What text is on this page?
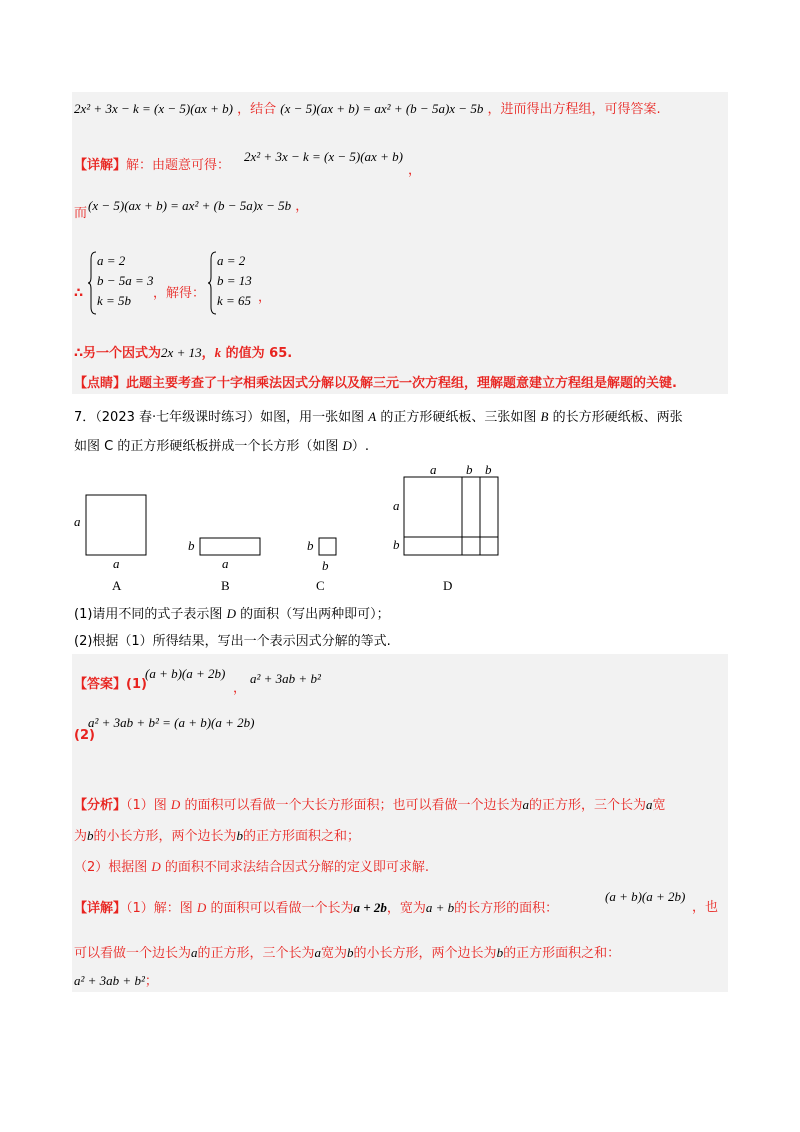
2x² + 3x − k = (x − 5)(ax + b) ，结合 (x − 5)(ax + b) = ax² + (b − 5a)x − 5b ，进而得出方程组，可得答案.
【详解】解：由题意可得：
2x² + 3x − k = (x − 5)(ax + b)
，
而
(x − 5)(ax + b) = ax² + (b − 5a)x − 5b ，
∴
a = 2
b − 5a = 3
k = 5b	，解得：
a = 2
b = 13
k = 65 ，
∴另一个因式为2x + 13，k 的值为 65.
【点睛】此题主要考查了十字相乘法因式分解以及解三元一次方程组，理解题意建立方程组是解题的关键.
7．（2023 春·七年级课时练习）如图，用一张如图 A 的正方形硬纸板、三张如图 B 的长方形硬纸板、两张
如图 C 的正方形硬纸板拼成一个长方形（如图 D）.
a
a
b
a
b
b
a b b
a
b
A	B	C	D
(1)请用不同的式子表示图 D 的面积（写出两种即可）；
(2)根据（1）所得结果，写出一个表示因式分解的等式.
【答案】(1)
(a + b)(a + 2b)
，
a² + 3ab + b²
(2)
a² + 3ab + b² = (a + b)(a + 2b)
【分析】（1）图 D 的面积可以看做一个大长方形面积；也可以看做一个边长为a的正方形，三个长为a宽
为b的小长方形，两个边长为b的正方形面积之和；
（2）根据图 D 的面积不同求法结合因式分解的定义即可求解.
【详解】（1）解：图 D 的面积可以看做一个长为a + 2b，宽为a + b的长方形的面积：
(a + b)(a + 2b)
，也
可以看做一个边长为a的正方形，三个长为a宽为b的小长方形，两个边长为b的正方形面积之和：
a² + 3ab + b²；
